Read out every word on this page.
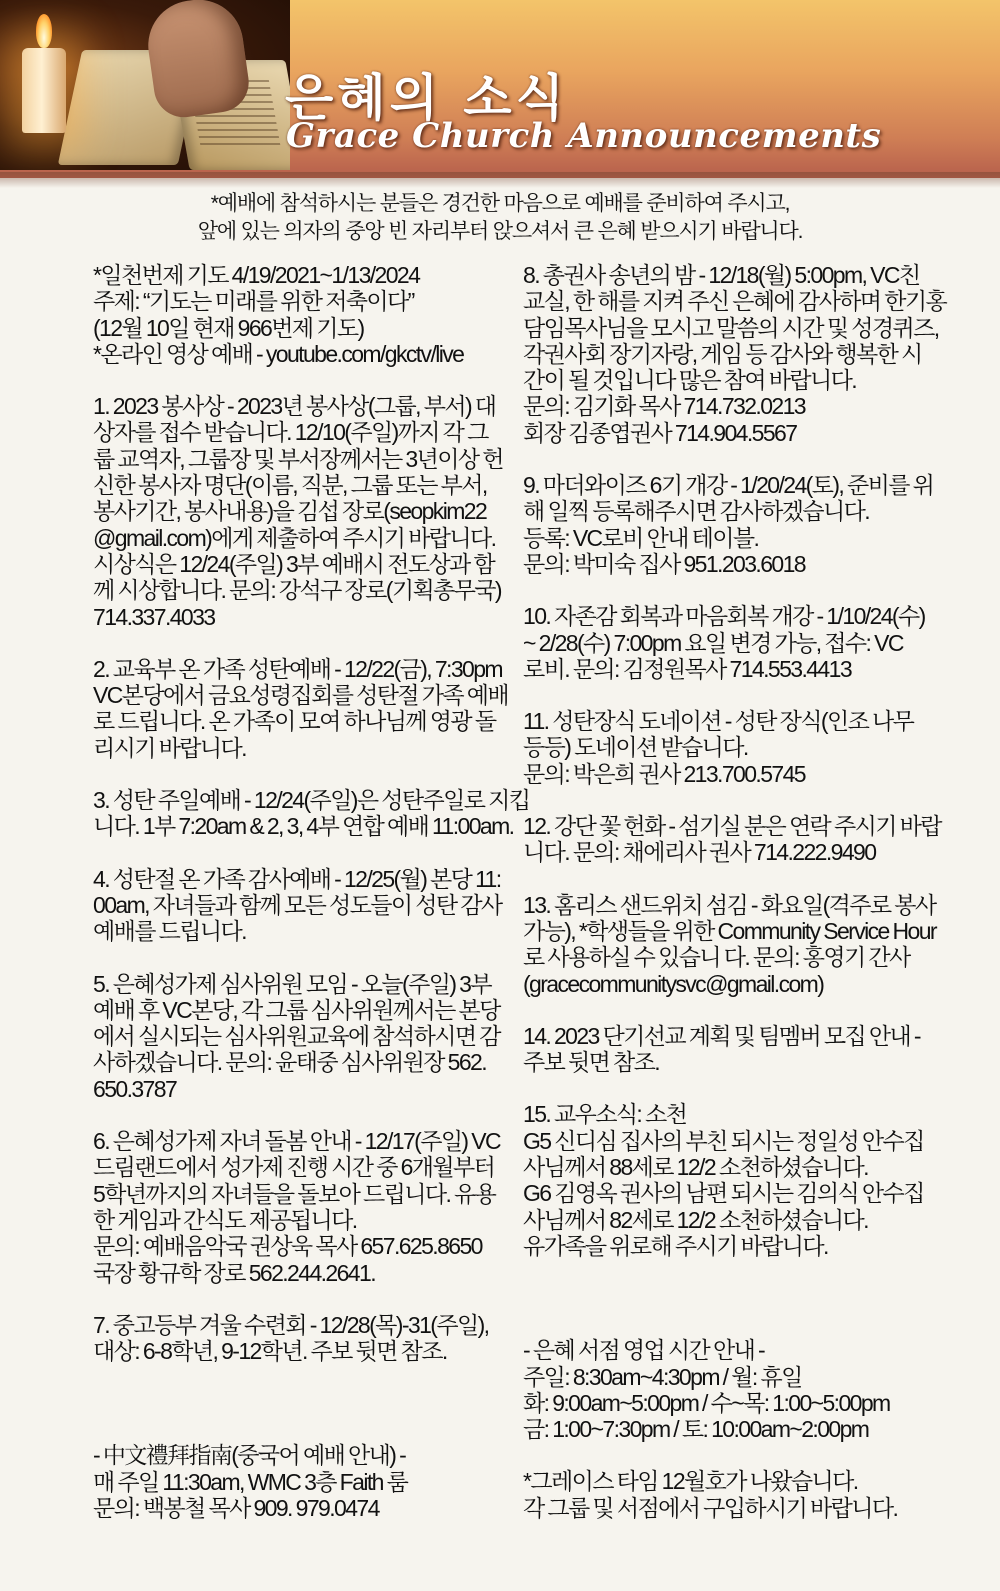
은혜의 소식
Grace Church Announcements
*예배에 참석하시는 분들은 경건한 마음으로 예배를 준비하여 주시고,
앞에 있는 의자의 중앙 빈 자리부터 앉으셔서 큰 은혜 받으시기 바랍니다.
*일천번제 기도 4/19/2021~1/13/2024
주제: “기도는 미래를 위한 저축이다”
(12월 10일 현재 966번제 기도)
*온라인 영상 예배 - youtube.com/gkctv/live
1. 2023 봉사상 - 2023년 봉사상(그룹, 부서) 대
상자를 접수 받습니다. 12/10(주일)까지 각 그
룹 교역자, 그룹장 및 부서장께서는 3년이상 헌
신한 봉사자 명단(이름, 직분, 그룹 또는 부서,
봉사기간, 봉사내용)을 김섭 장로(seopkim22
@gmail.com)에게 제출하여 주시기 바랍니다.
시상식은 12/24(주일) 3부 예배시 전도상과 함
께 시상합니다. 문의: 강석구 장로(기획총무국)
714.337.4033
2. 교육부 온 가족 성탄예배 - 12/22(금), 7:30pm
VC본당에서 금요성령집회를 성탄절 가족 예배
로 드립니다. 온 가족이 모여 하나님께 영광 돌
리시기 바랍니다.
3. 성탄 주일예배 - 12/24(주일)은 성탄주일로 지킵
니다. 1부 7:20am & 2, 3, 4부 연합 예배 11:00am.
4. 성탄절 온 가족 감사예배 - 12/25(월) 본당 11:
00am, 자녀들과 함께 모든 성도들이 성탄 감사
예배를 드립니다.
5. 은혜성가제 심사위원 모임 - 오늘(주일) 3부
예배 후 VC본당, 각 그룹 심사위원께서는 본당
에서 실시되는 심사위원교육에 참석하시면 감
사하겠습니다. 문의: 윤태중 심사위원장 562.
650.3787
6. 은혜성가제 자녀 돌봄 안내 - 12/17(주일) VC
드림랜드에서 성가제 진행 시간 중 6개월부터
5학년까지의 자녀들을 돌보아 드립니다. 유용
한 게임과 간식도 제공됩니다.
문의: 예배음악국 권상욱 목사 657.625.8650
국장 황규학 장로 562.244.2641.
7. 중고등부 겨울 수련회 - 12/28(목)-31(주일),
대상: 6-8학년, 9-12학년. 주보 뒷면 참조.
- 中文禮拜指南(중국어 예배 안내) -
매 주일 11:30am, WMC 3층 Faith 룸
문의: 백봉철 목사 909. 979.0474
8. 총권사 송년의 밤 - 12/18(월) 5:00pm, VC친
교실, 한 해를 지켜 주신 은혜에 감사하며 한기홍
담임목사님을 모시고 말씀의 시간 및 성경퀴즈,
각권사회 장기자랑, 게임 등 감사와 행복한 시
간이 될 것입니다 많은 참여 바랍니다.
문의: 김기화 목사 714.732.0213
회장 김종엽권사 714.904.5567
9. 마더와이즈 6기 개강 - 1/20/24(토), 준비를 위
해 일찍 등록해주시면 감사하겠습니다.
등록: VC로비 안내 테이블.
문의: 박미숙 집사 951.203.6018
10. 자존감 회복과 마음회복 개강 - 1/10/24(수)
~ 2/28(수) 7:00pm 요일 변경 가능, 접수: VC
로비. 문의: 김정원목사 714.553.4413
11. 성탄장식 도네이션 - 성탄 장식(인조 나무
등등) 도네이션 받습니다.
문의: 박은희 권사 213.700.5745
12. 강단 꽃 헌화 - 섬기실 분은 연락 주시기 바랍
니다. 문의: 채에리사 권사 714.222.9490
13. 홈리스 샌드위치 섬김 - 화요일(격주로 봉사
가능), *학생들을 위한 Community Service Hour
로 사용하실 수 있습니 다. 문의: 홍영기 간사
(gracecommunitysvc@gmail.com)
14. 2023 단기선교 계획 및 팀멤버 모집 안내 -
주보 뒷면 참조.
15. 교우소식: 소천
G5 신디심 집사의 부친 되시는 정일성 안수집
사님께서 88세로 12/2 소천하셨습니다.
G6 김영옥 권사의 남편 되시는 김의식 안수집
사님께서 82세로 12/2 소천하셨습니다.
유가족을 위로해 주시기 바랍니다.
- 은혜 서점 영업 시간 안내 -
주일: 8:30am~4:30pm / 월: 휴일
화: 9:00am~5:00pm / 수~목: 1:00~5:00pm
금: 1:00~7:30pm / 토: 10:00am~2:00pm
*그레이스 타임 12월호가 나왔습니다.
각 그룹 및 서점에서 구입하시기 바랍니다.
